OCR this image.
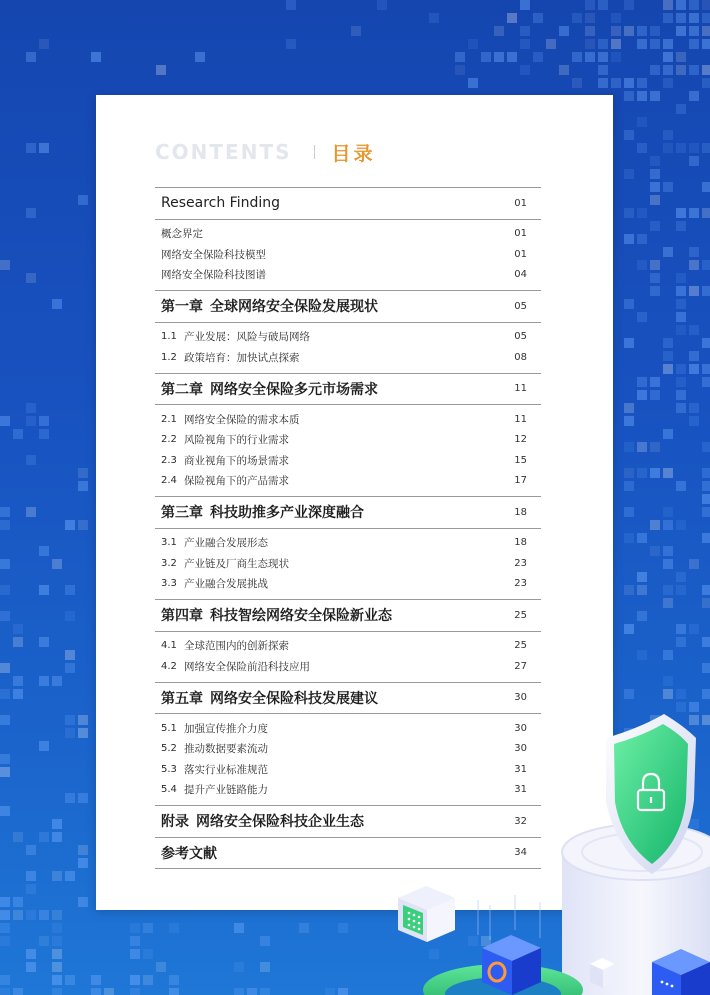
CONTENTS 目录
Research Finding	01
概念界定	01
网络安全保险科技模型	01
网络安全保险科技图谱	04
第一章 全球网络安全保险发展现状	05
1.1 产业发展：风险与破局网络	05
1.2 政策培育：加快试点探索	08
第二章 网络安全保险多元市场需求	11
2.1 网络安全保险的需求本质	11
2.2 风险视角下的行业需求	12
2.3 商业视角下的场景需求	15
2.4 保险视角下的产品需求	17
第三章 科技助推多产业深度融合	18
3.1 产业融合发展形态	18
3.2 产业链及厂商生态现状	23
3.3 产业融合发展挑战	23
第四章 科技智绘网络安全保险新业态	25
4.1 全球范围内的创新探索	25
4.2 网络安全保险前沿科技应用	27
第五章 网络安全保险科技发展建议	30
5.1 加强宣传推介力度	30
5.2 推动数据要素流动	30
5.3 落实行业标准规范	31
5.4 提升产业链路能力	31
附录 网络安全保险科技企业生态	32
参考文献	34
